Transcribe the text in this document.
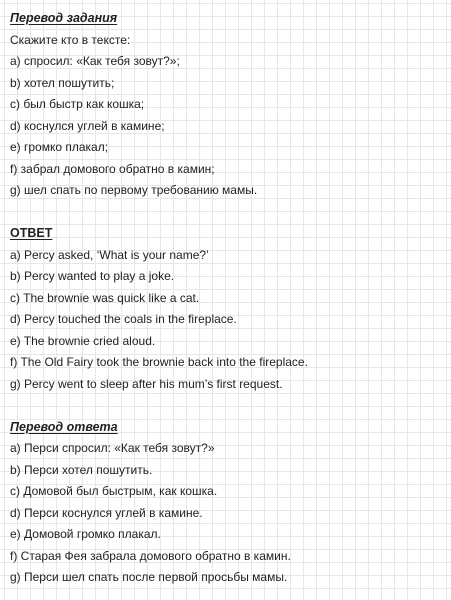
Перевод задания
Скажите кто в тексте:
a) спросил: «Как тебя зовут?»;
b) хотел пошутить;
c) был быстр как кошка;
d) коснулся углей в камине;
e) громко плакал;
f) забрал домового обратно в камин;
g) шел спать по первому требованию мамы.
ОТВЕТ
a) Percy asked, ‘What is your name?’
b) Percy wanted to play a joke.
c) The brownie was quick like a cat.
d) Percy touched the coals in the fireplace.
e) The brownie cried aloud.
f) The Old Fairy took the brownie back into the fireplace.
g) Percy went to sleep after his mum’s first request.
Перевод ответа
a) Перси спросил: «Как тебя зовут?»
b) Перси хотел пошутить.
c) Домовой был быстрым, как кошка.
d) Перси коснулся углей в камине.
e) Домовой громко плакал.
f) Старая Фея забрала домового обратно в камин.
g) Перси шел спать после первой просьбы мамы.
